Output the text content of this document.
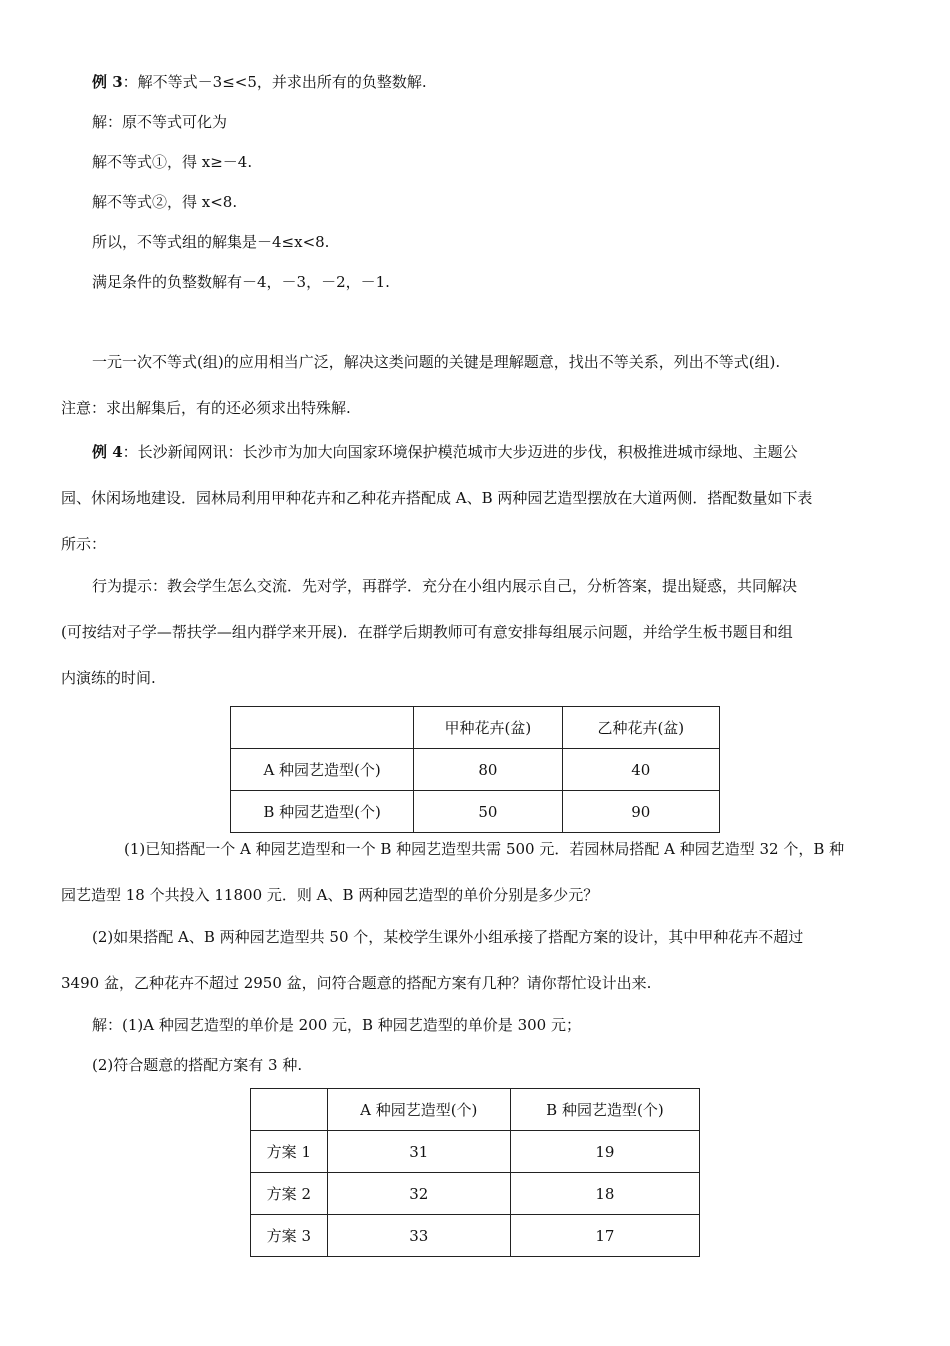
例 3：解不等式－3≤<5，并求出所有的负整数解.
解：原不等式可化为
解不等式①，得 x≥－4.
解不等式②，得 x<8.
所以，不等式组的解集是－4≤x<8.
满足条件的负整数解有－4，－3，－2，－1.
一元一次不等式(组)的应用相当广泛，解决这类问题的关键是理解题意，找出不等关系，列出不等式(组).
注意：求出解集后，有的还必须求出特殊解.
例 4：长沙新闻网讯：长沙市为加大向国家环境保护模范城市大步迈进的步伐，积极推进城市绿地、主题公
园、休闲场地建设．园林局利用甲种花卉和乙种花卉搭配成 A、B 两种园艺造型摆放在大道两侧．搭配数量如下表
所示：
行为提示：教会学生怎么交流．先对学，再群学．充分在小组内展示自己，分析答案，提出疑惑，共同解决
(可按结对子学—帮扶学—组内群学来开展)．在群学后期教师可有意安排每组展示问题，并给学生板书题目和组
内演练的时间.
	甲种花卉(盆)	乙种花卉(盆)
A 种园艺造型(个)	80	40
B 种园艺造型(个)	50	90
(1)已知搭配一个 A 种园艺造型和一个 B 种园艺造型共需 500 元．若园林局搭配 A 种园艺造型 32 个，B 种
园艺造型 18 个共投入 11800 元．则 A、B 两种园艺造型的单价分别是多少元？
(2)如果搭配 A、B 两种园艺造型共 50 个，某校学生课外小组承接了搭配方案的设计，其中甲种花卉不超过
3490 盆，乙种花卉不超过 2950 盆，问符合题意的搭配方案有几种？请你帮忙设计出来.
解：(1)A 种园艺造型的单价是 200 元，B 种园艺造型的单价是 300 元；
(2)符合题意的搭配方案有 3 种.
	A 种园艺造型(个)	B 种园艺造型(个)
方案 1	31	19
方案 2	32	18
方案 3	33	17
